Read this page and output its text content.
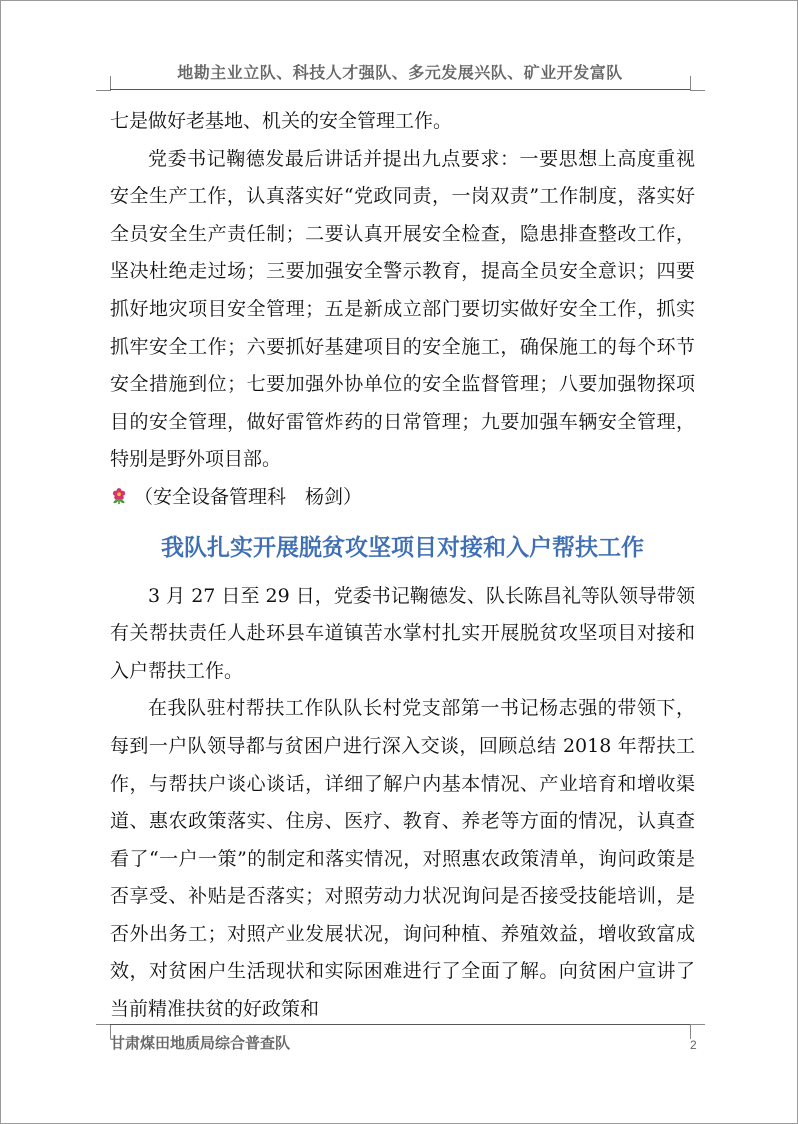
地勘主业立队、科技人才强队、多元发展兴队、矿业开发富队

七是做好老基地、机关的安全管理工作。

党委书记鞠德发最后讲话并提出九点要求：一要思想上高度重视安全生产工作，认真落实好“党政同责，一岗双责”工作制度，落实好全员安全生产责任制；二要认真开展安全检查，隐患排查整改工作，坚决杜绝走过场；三要加强安全警示教育，提高全员安全意识；四要抓好地灾项目安全管理；五是新成立部门要切实做好安全工作，抓实抓牢安全工作；六要抓好基建项目的安全施工，确保施工的每个环节安全措施到位；七要加强外协单位的安全监督管理；八要加强物探项目的安全管理，做好雷管炸药的日常管理；九要加强车辆安全管理，特别是野外项目部。

（安全设备管理科　杨剑）

我队扎实开展脱贫攻坚项目对接和入户帮扶工作

3 月 27 日至 29 日，党委书记鞠德发、队长陈昌礼等队领导带领有关帮扶责任人赴环县车道镇苦水掌村扎实开展脱贫攻坚项目对接和入户帮扶工作。

在我队驻村帮扶工作队队长村党支部第一书记杨志强的带领下，每到一户队领导都与贫困户进行深入交谈，回顾总结 2018 年帮扶工作，与帮扶户谈心谈话，详细了解户内基本情况、产业培育和增收渠道、惠农政策落实、住房、医疗、教育、养老等方面的情况，认真查看了“一户一策”的制定和落实情况，对照惠农政策清单，询问政策是否享受、补贴是否落实；对照劳动力状况询问是否接受技能培训，是否外出务工；对照产业发展状况，询问种植、养殖效益，增收致富成效，对贫困户生活现状和实际困难进行了全面了解。向贫困户宣讲了当前精准扶贫的好政策和

甘肃煤田地质局综合普查队	2
